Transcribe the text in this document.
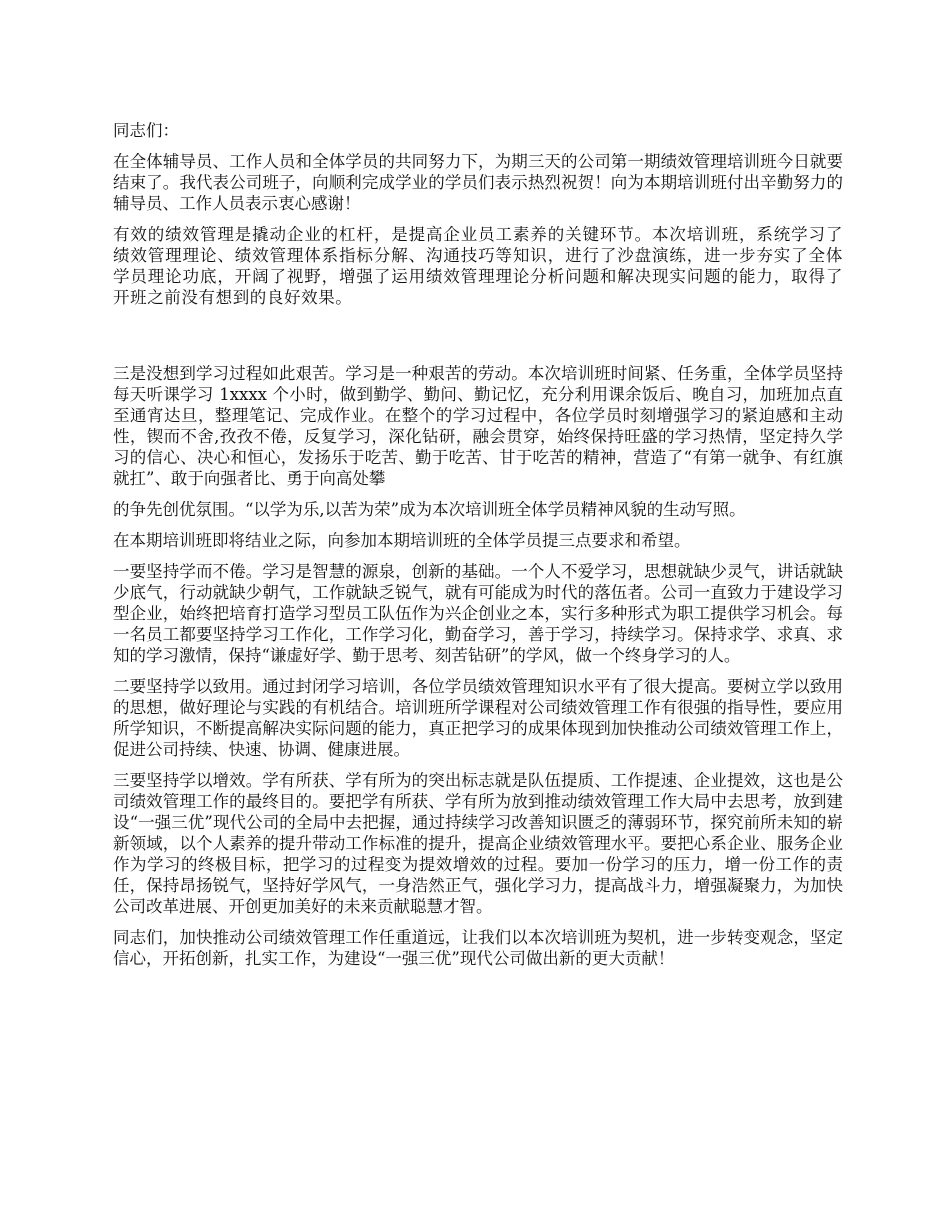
同志们：

在全体辅导员、工作人员和全体学员的共同努力下，为期三天的公司第一期绩效管理培训班今日就要结束了。我代表公司班子，向顺利完成学业的学员们表示热烈祝贺！向为本期培训班付出辛勤努力的辅导员、工作人员表示衷心感谢！

有效的绩效管理是撬动企业的杠杆，是提高企业员工素养的关键环节。本次培训班，系统学习了绩效管理理论、绩效管理体系指标分解、沟通技巧等知识，进行了沙盘演练，进一步夯实了全体学员理论功底，开阔了视野，增强了运用绩效管理理论分析问题和解决现实问题的能力，取得了开班之前没有想到的良好效果。

三是没想到学习过程如此艰苦。学习是一种艰苦的劳动。本次培训班时间紧、任务重，全体学员坚持每天听课学习 1xxxx 个小时，做到勤学、勤问、勤记忆，充分利用课余饭后、晚自习，加班加点直至通宵达旦，整理笔记、完成作业。在整个的学习过程中，各位学员时刻增强学习的紧迫感和主动性，锲而不舍,孜孜不倦，反复学习，深化钻研，融会贯穿，始终保持旺盛的学习热情，坚定持久学习的信心、决心和恒心，发扬乐于吃苦、勤于吃苦、甘于吃苦的精神，营造了“有第一就争、有红旗就扛”、敢于向强者比、勇于向高处攀

的争先创优氛围。“以学为乐,以苦为荣”成为本次培训班全体学员精神风貌的生动写照。

在本期培训班即将结业之际，向参加本期培训班的全体学员提三点要求和希望。

一要坚持学而不倦。学习是智慧的源泉，创新的基础。一个人不爱学习，思想就缺少灵气，讲话就缺少底气，行动就缺少朝气，工作就缺乏锐气，就有可能成为时代的落伍者。公司一直致力于建设学习型企业，始终把培育打造学习型员工队伍作为兴企创业之本，实行多种形式为职工提供学习机会。每一名员工都要坚持学习工作化，工作学习化，勤奋学习，善于学习，持续学习。保持求学、求真、求知的学习激情，保持“谦虚好学、勤于思考、刻苦钻研”的学风，做一个终身学习的人。

二要坚持学以致用。通过封闭学习培训，各位学员绩效管理知识水平有了很大提高。要树立学以致用的思想，做好理论与实践的有机结合。培训班所学课程对公司绩效管理工作有很强的指导性，要应用所学知识，不断提高解决实际问题的能力，真正把学习的成果体现到加快推动公司绩效管理工作上，促进公司持续、快速、协调、健康进展。

三要坚持学以增效。学有所获、学有所为的突出标志就是队伍提质、工作提速、企业提效，这也是公司绩效管理工作的最终目的。要把学有所获、学有所为放到推动绩效管理工作大局中去思考，放到建设“一强三优”现代公司的全局中去把握，通过持续学习改善知识匮乏的薄弱环节，探究前所未知的崭新领域，以个人素养的提升带动工作标准的提升，提高企业绩效管理水平。要把心系企业、服务企业作为学习的终极目标，把学习的过程变为提效增效的过程。要加一份学习的压力，增一份工作的责任，保持昂扬锐气，坚持好学风气，一身浩然正气，强化学习力，提高战斗力，增强凝聚力，为加快公司改革进展、开创更加美好的未来贡献聪慧才智。

同志们，加快推动公司绩效管理工作任重道远，让我们以本次培训班为契机，进一步转变观念，坚定信心，开拓创新，扎实工作，为建设“一强三优”现代公司做出新的更大贡献！
